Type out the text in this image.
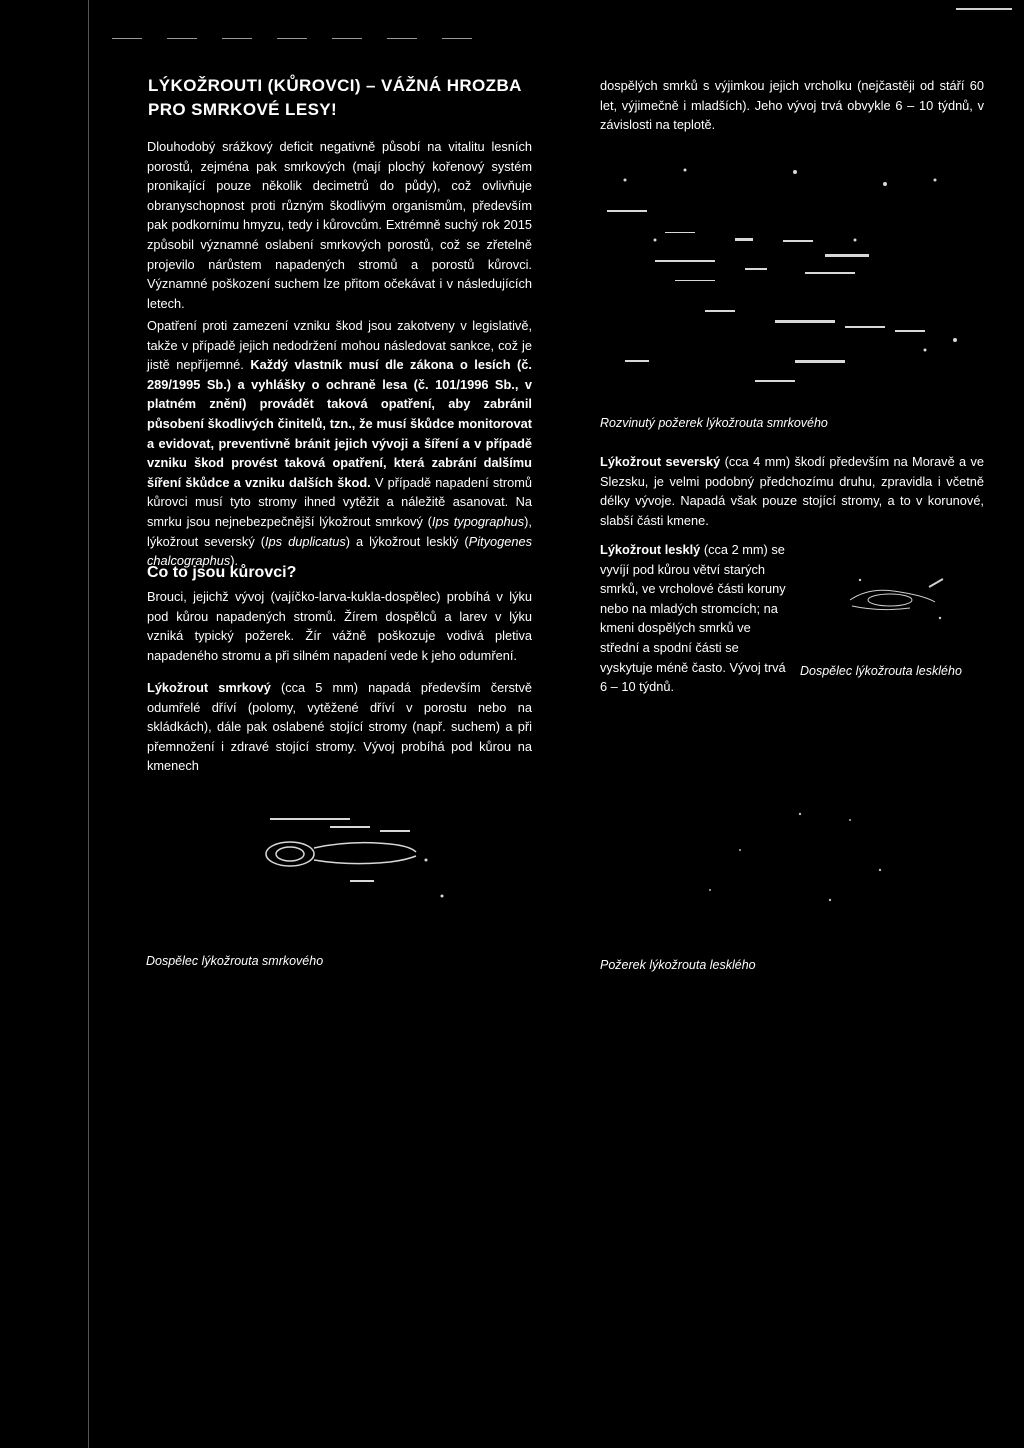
LÝKOŽROUTI (KŮROVCI) – VÁŽNÁ HROZBA
PRO SMRKOVÉ LESY!

Dlouhodobý srážkový deficit negativně působí na vitalitu lesních porostů, zejména pak smrkových (mají plochý kořenový systém pronikající pouze několik decimetrů do půdy), což ovlivňuje obranyschopnost proti různým škodlivým organismům, především pak podkornímu hmyzu, tedy i kůrovcům. Extrémně suchý rok 2015 způsobil významné oslabení smrkových porostů, což se zřetelně projevilo nárůstem napadených stromů a porostů kůrovci. Významné poškození suchem lze přitom očekávat i v následujících letech.

Opatření proti zamezení vzniku škod jsou zakotveny v legislativě, takže v případě jejich nedodržení mohou následovat sankce, což je jistě nepříjemné. Každý vlastník musí dle zákona o lesích (č. 289/1995 Sb.) a vyhlášky o ochraně lesa (č. 101/1996 Sb., v platném znění) provádět taková opatření, aby zabránil působení škodlivých činitelů, tzn., že musí škůdce monitorovat a evidovat, preventivně bránit jejich vývoji a šíření a v případě vzniku škod provést taková opatření, která zabrání dalšímu šíření škůdce a vzniku dalších škod. V případě napadení stromů kůrovci musí tyto stromy ihned vytěžit a náležitě asanovat. Na smrku jsou nejnebezpečnější lýkožrout smrkový (Ips typographus), lýkožrout severský (Ips duplicatus) a lýkožrout lesklý (Pityogenes chalcographus).

Co to jsou kůrovci?

Brouci, jejichž vývoj (vajíčko-larva-kukla-dospělec) probíhá v lýku pod kůrou napadených stromů. Žírem dospělců a larev v lýku vzniká typický požerek. Žír vážně poškozuje vodivá pletiva napadeného stromu a při silném napadení vede k jeho odumření.

Lýkožrout smrkový (cca 5 mm) napadá především čerstvě odumřelé dříví (polomy, vytěžené dříví v porostu nebo na skládkách), dále pak oslabené stojící stromy (např. suchem) a při přemnožení i zdravé stojící stromy. Vývoj probíhá pod kůrou na kmenech

dospělých smrků s výjimkou jejich vrcholku (nejčastěji od stáří 60 let, výjimečně i mladších). Jeho vývoj trvá obvykle 6 – 10 týdnů, v závislosti na teplotě.

Rozvinutý požerek lýkožrouta smrkového

Lýkožrout severský (cca 4 mm) škodí především na Moravě a ve Slezsku, je velmi podobný předchozímu druhu, zpravidla i včetně délky vývoje. Napadá však pouze stojící stromy, a to v korunové, slabší části kmene.

Lýkožrout lesklý (cca 2 mm) se vyvíjí pod kůrou větví starých smrků, ve vrcholové části koruny nebo na mladých stromcích; na kmeni dospělých smrků ve střední a spodní části se vyskytuje méně často. Vývoj trvá 6 – 10 týdnů.

Dospělec lýkožrouta lesklého

Dospělec lýkožrouta smrkového	Požerek lýkožrouta lesklého
